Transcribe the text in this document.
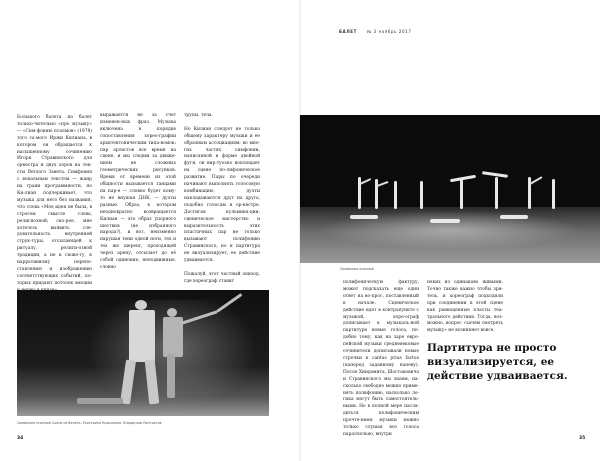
БАЛЕТ	№ 3 ноябрь 2017
Большого балета на балет только-чительно «про музыку» — «Сим-фонию псалмов» (1978) того са-мого Иржи Килиана, в котором он обращается к насыщенному сочинению Игоря Стравинского для оркестра и двух хоров на тек-сты Ветхого Завета. Симфония с вокальным текстом — жанр на грани программности, но Ки-лиан подчеркивает, что музыка для него без названия, что слова «Мое идея не была, в строгом смысле слова, религиозной; ско-рее, мне хотелось выявить сле-довательность внутренней струк-туры, отсылающей к ритуалу, религи-озной традиции, а не к сюже-ту, к нарративному перепо-ставлению и изображению соответствующих событий, ко-торых придают потолок эмоции

выражается не за счет изменен-ных фраз. Музыка включена в порядке сопоставления хорео-графии архитектоническим типа-вомок: пар артистов все время на сцене, и мы следим за движе-нием не сложных геометрических рисунков. Время от времени из этой общности вызывается танцами на пар-е — словно будет кому-то не внушая ДНК, — дуэты разные. Образ, в котором неоднократно возвращается Килиан — это образ упорного шествия (не избранного народа?), и вот, неизменно нарушая тени одной ноги, тех и тех же шеренг, проходящей через арену, отсылает до её собой одинокие, неподвижные, словно
трупы, тела.

Но Килиан следует не только общему характеру музыки и ее образным ассоциациям: во мно-гих частях симфонии, написанной в форме двойной фуги, он вир-туозно воплощает на сцене по-лифоническое развитие. Пары по очереди начинают выполнять голосовую комбинацию, дуэты накладываются друг на друга, подобно голосам в ор-кестре. Достигая кульмина-ции, сценическое мастерство и выразительность этих пластичных пар не только вызывают полифонию Стравинского, но и партитура не визуализирует, ее действие удваивается.

Пожалуй, этот частный эпизод, где хореограф ставит
Симфония псалмов
Симфония псалмов Сцена из балета. Екатерина Крысанова, Владислав Лантратов
полифоническую фактуру, может подсказать еще один ответ на во-прос, поставленный в начале. Сценическое действие идет в контрапункте с музыкой, хоре-ограф дописывает к музыкаль-ной партитуре новые голоса, по-добно тому, как на заре евро-пейской музыки средневековые сочинители дописывали новые строчки к cantus prius factus (наперед заданному напеву). После Хиндемита, Шостаковича и Стравинского мы знаем, на-сколько свободно можно приме-нять полифонию, насколько ло-гика могут быть самостоятель-ными. Но в полной мере насла-диться полифоническим прочте-нием музыки можно только слушая все голоса параллельно, внутри
неких из одинаково живыми. Точно также важно чтобы зри-тель, и хореограф подходили при соединении к этой сцене как равноценные пласты теа-трального действия. Тогда, воз-можно, вопрос «зачем смотреть музыку» не возникнет вовсе.
Партитура не просто визуализируется, ее действие удваивается.
34	35
